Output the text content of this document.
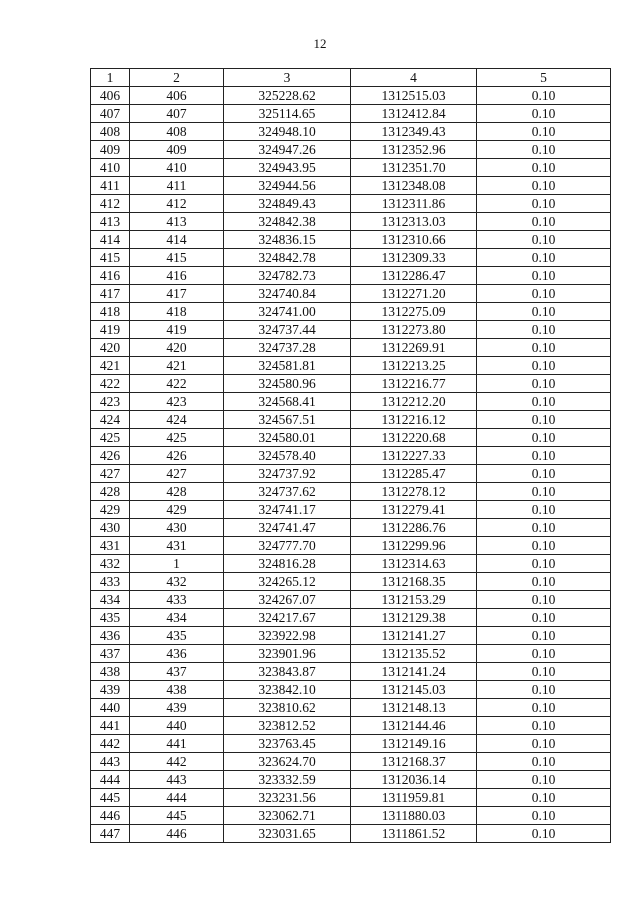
12
1	2	3	4	5
406	406	325228.62	1312515.03	0.10
407	407	325114.65	1312412.84	0.10
408	408	324948.10	1312349.43	0.10
409	409	324947.26	1312352.96	0.10
410	410	324943.95	1312351.70	0.10
411	411	324944.56	1312348.08	0.10
412	412	324849.43	1312311.86	0.10
413	413	324842.38	1312313.03	0.10
414	414	324836.15	1312310.66	0.10
415	415	324842.78	1312309.33	0.10
416	416	324782.73	1312286.47	0.10
417	417	324740.84	1312271.20	0.10
418	418	324741.00	1312275.09	0.10
419	419	324737.44	1312273.80	0.10
420	420	324737.28	1312269.91	0.10
421	421	324581.81	1312213.25	0.10
422	422	324580.96	1312216.77	0.10
423	423	324568.41	1312212.20	0.10
424	424	324567.51	1312216.12	0.10
425	425	324580.01	1312220.68	0.10
426	426	324578.40	1312227.33	0.10
427	427	324737.92	1312285.47	0.10
428	428	324737.62	1312278.12	0.10
429	429	324741.17	1312279.41	0.10
430	430	324741.47	1312286.76	0.10
431	431	324777.70	1312299.96	0.10
432	1	324816.28	1312314.63	0.10
433	432	324265.12	1312168.35	0.10
434	433	324267.07	1312153.29	0.10
435	434	324217.67	1312129.38	0.10
436	435	323922.98	1312141.27	0.10
437	436	323901.96	1312135.52	0.10
438	437	323843.87	1312141.24	0.10
439	438	323842.10	1312145.03	0.10
440	439	323810.62	1312148.13	0.10
441	440	323812.52	1312144.46	0.10
442	441	323763.45	1312149.16	0.10
443	442	323624.70	1312168.37	0.10
444	443	323332.59	1312036.14	0.10
445	444	323231.56	1311959.81	0.10
446	445	323062.71	1311880.03	0.10
447	446	323031.65	1311861.52	0.10
